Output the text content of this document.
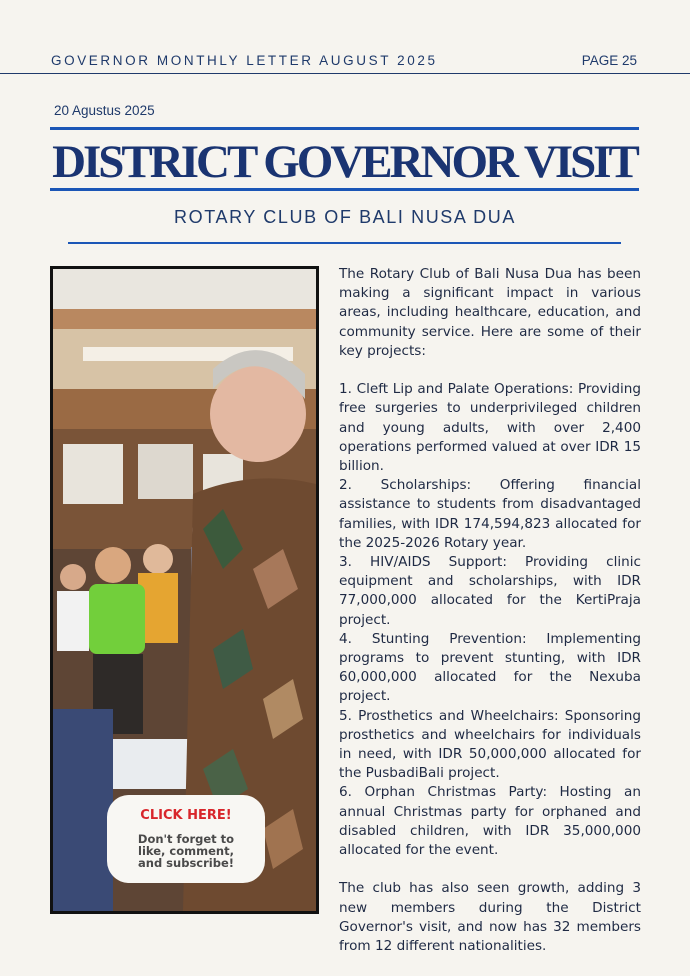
GOVERNOR MONTHLY LETTER AUGUST 2025	PAGE 25
20 Agustus 2025
DISTRICT GOVERNOR VISIT
ROTARY CLUB OF BALI NUSA DUA
CLICK HERE!
Don't forget to like, comment, and subscribe!

The Rotary Club of Bali Nusa Dua has been making a significant impact in various areas, including healthcare, education, and community service. Here are some of their key projects:

1. Cleft Lip and Palate Operations: Providing free surgeries to underprivileged children and young adults, with over 2,400 operations performed valued at over IDR 15 billion.

2. Scholarships: Offering financial assistance to students from disadvantaged families, with IDR 174,594,823 allocated for the 2025-2026 Rotary year.

3. HIV/AIDS Support: Providing clinic equipment and scholarships, with IDR 77,000,000 allocated for the KertiPraja project.

4. Stunting Prevention: Implementing programs to prevent stunting, with IDR 60,000,000 allocated for the Nexuba project.

5. Prosthetics and Wheelchairs: Sponsoring prosthetics and wheelchairs for individuals in need, with IDR 50,000,000 allocated for the PusbadiBali project.

6. Orphan Christmas Party: Hosting an annual Christmas party for orphaned and disabled children, with IDR 35,000,000 allocated for the event.

The club has also seen growth, adding 3 new members during the District Governor's visit, and now has 32 members from 12 different nationalities.
